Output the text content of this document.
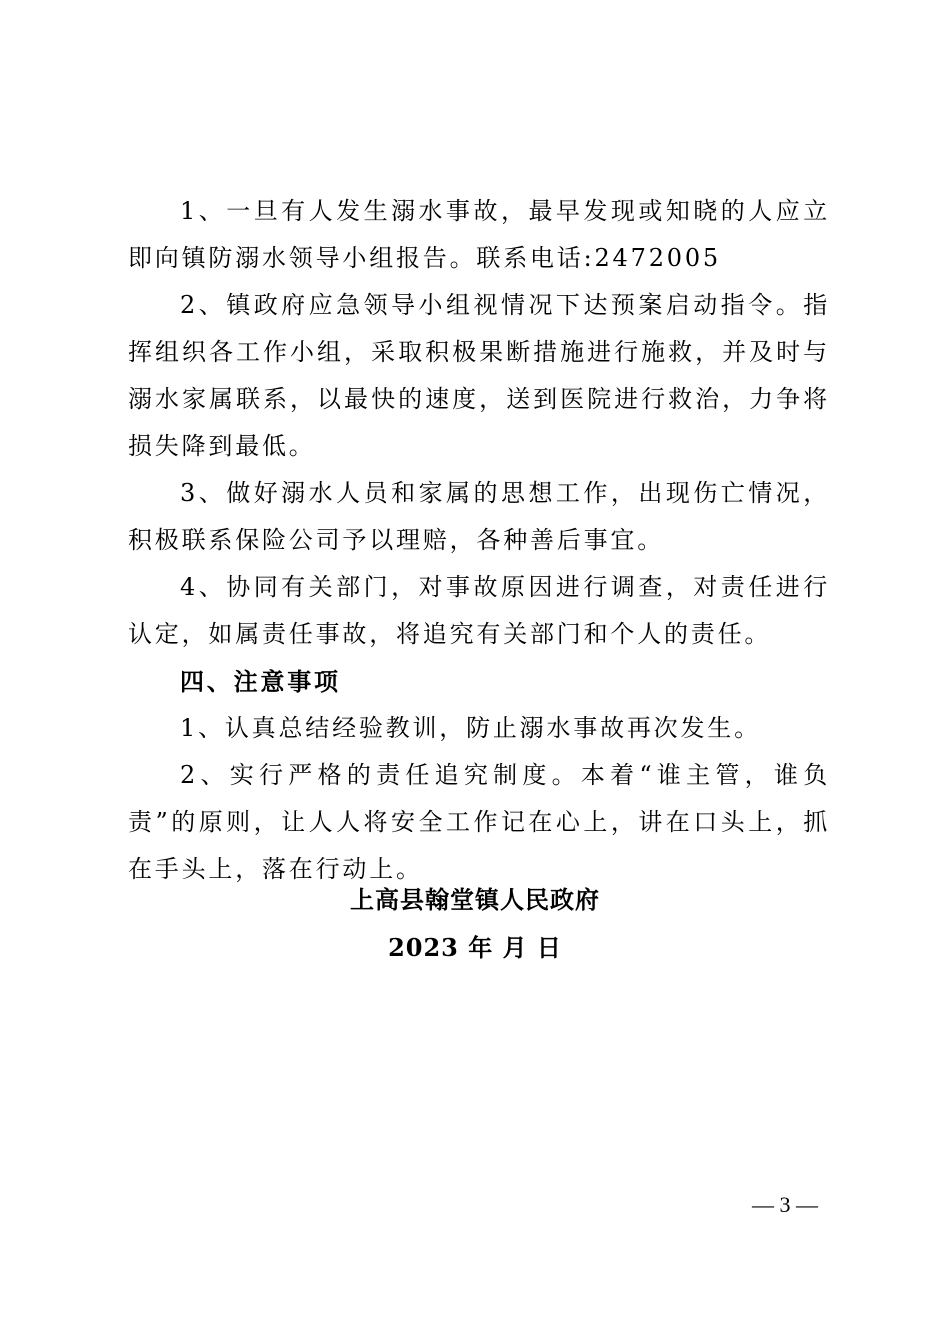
1、一旦有人发生溺水事故，最早发现或知晓的人应立即向镇防溺水领导小组报告。联系电话:2472005

2、镇政府应急领导小组视情况下达预案启动指令。指挥组织各工作小组，采取积极果断措施进行施救，并及时与溺水家属联系，以最快的速度，送到医院进行救治，力争将损失降到最低。

3、做好溺水人员和家属的思想工作，出现伤亡情况，积极联系保险公司予以理赔，各种善后事宜。

4、协同有关部门，对事故原因进行调查，对责任进行认定，如属责任事故，将追究有关部门和个人的责任。

四、注意事项

1、认真总结经验教训，防止溺水事故再次发生。

2、实行严格的责任追究制度。本着“谁主管，谁负责”的原则，让人人将安全工作记在心上，讲在口头上，抓在手头上，落在行动上。

上高县翰堂镇人民政府
2023 年 月 日
— 3 —
